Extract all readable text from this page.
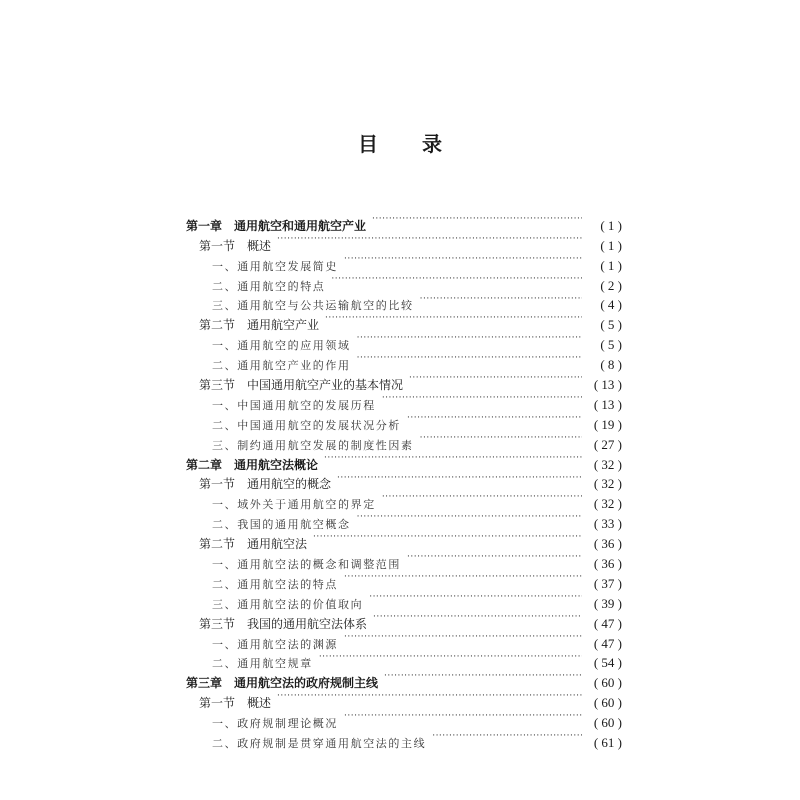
目 录
第一章　通用航空和通用航空产业 ·····	( 1 )
第一节　概述 ·····	( 1 )
一、通用航空发展简史 ·····	( 1 )
二、通用航空的特点 ·····	( 2 )
三、通用航空与公共运输航空的比较 ·····	( 4 )
第二节　通用航空产业 ·····	( 5 )
一、通用航空的应用领域 ·····	( 5 )
二、通用航空产业的作用 ·····	( 8 )
第三节　中国通用航空产业的基本情况 ·····	( 13 )
一、中国通用航空的发展历程 ·····	( 13 )
二、中国通用航空的发展状况分析 ·····	( 19 )
三、制约通用航空发展的制度性因素 ·····	( 27 )
第二章　通用航空法概论 ·····	( 32 )
第一节　通用航空的概念 ·····	( 32 )
一、域外关于通用航空的界定 ·····	( 32 )
二、我国的通用航空概念 ·····	( 33 )
第二节　通用航空法 ·····	( 36 )
一、通用航空法的概念和调整范围 ·····	( 36 )
二、通用航空法的特点 ·····	( 37 )
三、通用航空法的价值取向 ·····	( 39 )
第三节　我国的通用航空法体系 ·····	( 47 )
一、通用航空法的渊源 ·····	( 47 )
二、通用航空规章 ·····	( 54 )
第三章　通用航空法的政府规制主线 ·····	( 60 )
第一节　概述 ·····	( 60 )
一、政府规制理论概况 ·····	( 60 )
二、政府规制是贯穿通用航空法的主线 ·····	( 61 )
